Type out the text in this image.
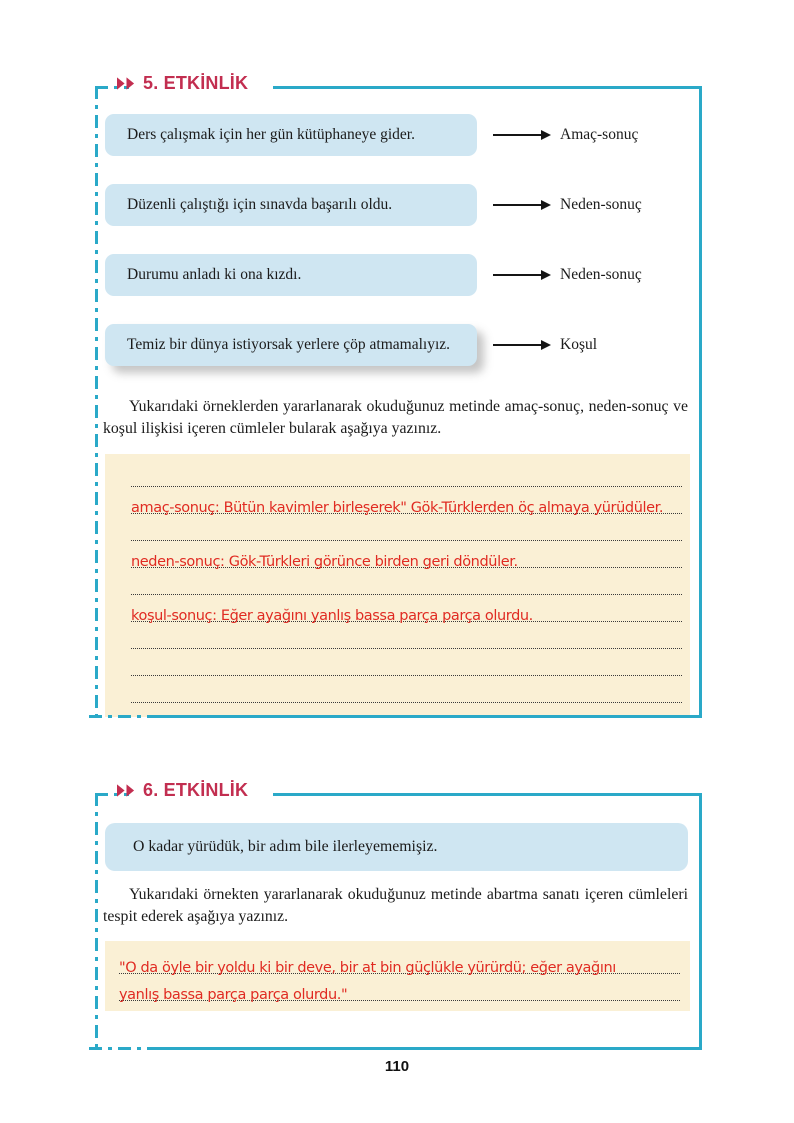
5. ETKİNLİK
Ders çalışmak için her gün kütüphaneye gider.	Amaç-sonuç
Düzenli çalıştığı için sınavda başarılı oldu.	Neden-sonuç
Durumu anladı ki ona kızdı.	Neden-sonuç
Temiz bir dünya istiyorsak yerlere çöp atmamalıyız.	Koşul

Yukarıdaki örneklerden yararlanarak okuduğunuz metinde amaç-sonuç, neden-sonuç ve koşul ilişkisi içeren cümleler bularak aşağıya yazınız.

amaç-sonuç: Bütün kavimler birleşerek" Gök-Türklerden öç almaya yürüdüler.
neden-sonuç: Gök-Türkleri görünce birden geri döndüler.
koşul-sonuç: Eğer ayağını yanlış bassa parça parça olurdu.
6. ETKİNLİK
O kadar yürüdük, bir adım bile ilerleyememişiz.

Yukarıdaki örnekten yararlanarak okuduğunuz metinde abartma sanatı içeren cümleleri tespit ederek aşağıya yazınız.

"O da öyle bir yoldu ki bir deve, bir at bin güçlükle yürürdü; eğer ayağını
yanlış bassa parça parça olurdu."
110
